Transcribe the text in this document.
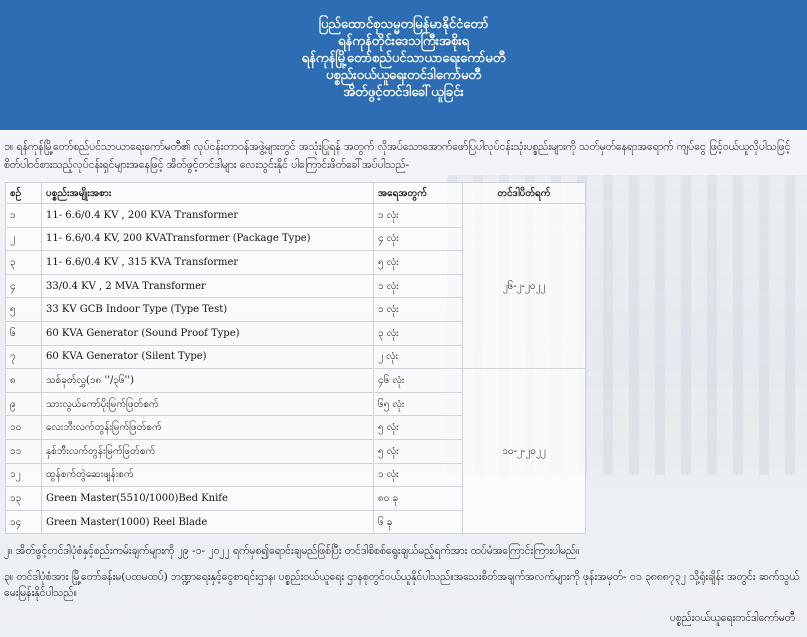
ပြည်ထောင်စုသမ္မတမြန်မာနိုင်ငံတော်
ရန်ကုန်တိုင်းဒေသကြီးအစိုးရ
ရန်ကုန်မြို့တော်စည်ပင်သာယာရေးကော်မတီ
ပစ္စည်းဝယ်ယူရေးတင်ဒါကော်မတီ
အိတ်ဖွင့်တင်ဒါခေါ်ယူခြင်း
၁။ ရန်ကုန်မြို့တော်စည်ပင်သာယာရေးကော်မတီ၏ လုပ်ငန်းတာဝန်အဖွဲ့များတွင် အသုံးပြုရန် အတွက် လိုအပ်သောအောက်ဖော်ပြပါလုပ်ငန်းသုံးပစ္စည်းများကို သတ်မှတ်နေရာအရောက် ကျပ်ငွေ ဖြင့်ဝယ်ယူလိုပါသဖြင့် စိတ်ပါဝင်စားသည့်လုပ်ငန်းရှင်များအနေဖြင့် အိတ်ဖွင့်တင်ဒါများ လေးသွင်းနိုင် ပါကြောင်းဖိတ်ခေါ်အပ်ပါသည်-
စဉ်	ပစ္စည်းအမျိုးအစား	အရေအတွက်	တင်ဒါပိတ်ရက်
၁	11- 6.6/0.4 KV , 200 KVA Transformer	၁ လုံး	၂၆-၂-၂၀၂၂
၂	11- 6.6/0.4 KV, 200 KVATransformer (Package Type)	၄ လုံး	
၃	11- 6.6/0.4 KV , 315 KVA Transformer	၅ လုံး	
၄	33/0.4 KV , 2 MVA Transformer	၁ လုံး	
၅	33 KV GCB Indoor Type (Type Test)	၁ လုံး	
၆	60 KVA Generator (Sound Proof Type)	၃ လုံး	
၇	60 KVA Generator (Silent Type)	၂ လုံး	
၈	သစ်ခုတ်လွှ(၁၈ ''/၃၆'')	၄၆ လုံး	၁၀-၂-၂၀၂၂
၉	သားလွယ်ကော်ပိုးမြက်ဖြတ်စက်	၆၅ လုံး	
၁၀	လေးဘီးလက်တွန်းမြက်ဖြတ်စက်	၅ လုံး	
၁၁	နှစ်ဘီးလက်တွန်းမြက်ဖြတ်စက်	၅ လုံး	
၁၂	ထွန်စက်တွဲဆေးဖျန်းစက်	၁ လုံး	
၁၃	Green Master(5510/1000)Bed Knife	၈၀ ခု	
၁၄	Green Master(1000) Reel Blade	၆ ခု	
၂။ အိတ်ဖွင့်တင်ဒါပုံစံနှင့်စည်းကမ်းချက်များကို ၂၉ -၁- ၂၀၂၂ ရက်မှစ၍ရောင်းချမည်ဖြစ်ပြီး တင်ဒါစိစစ်ရွေးချယ်မည့်ရက်အား ထပ်မံအကြောင်းကြားပါမည်။
၃။ တင်ဒါပုံစံအား မြို့တော်ခန်းမ(ပထမထပ်) ဘဏ္ဍာရေးနှင့်ငွေစာရင်းဌာန၊ ပစ္စည်းဝယ်ယူရေး ဌာနစုတွင်ဝယ်ယူနိုင်ပါသည်။အသေးစိတ်အချက်အလက်များကို ဖုန်းအမှတ်- ၀၁ ၃၈၈၈၇၃၂ သို့ရုံးချိန်း အတွင်း ဆက်သွယ်မေးမြန်းနိုင်ပါသည်။
ပစ္စည်းဝယ်ယူရေးတင်ဒါကော်မတီ
